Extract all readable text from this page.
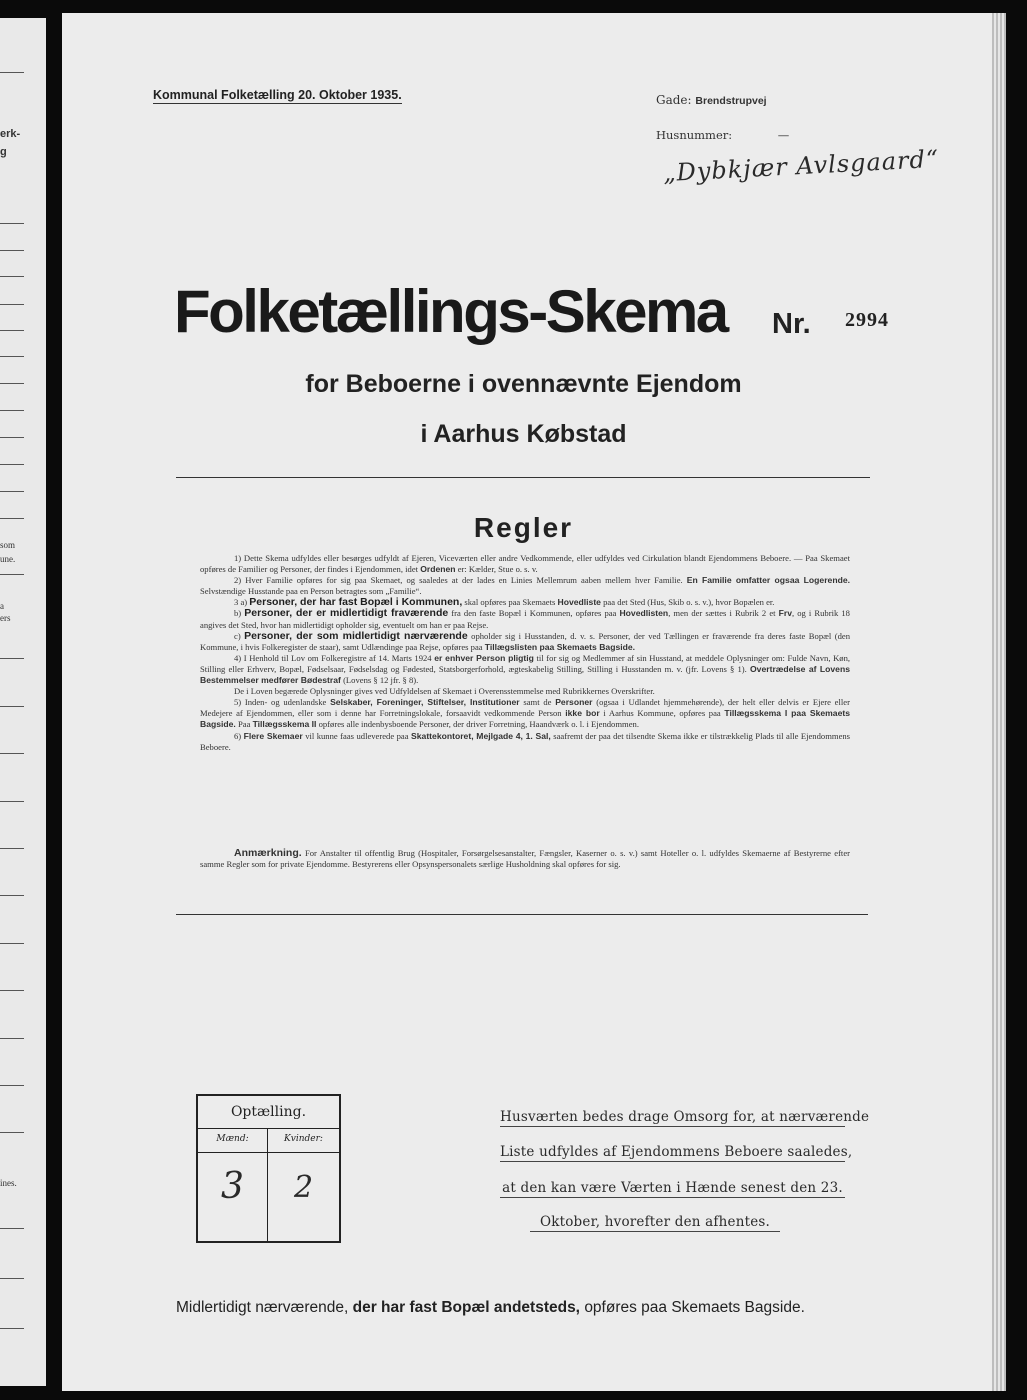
erk-
g
som
une.
a
ers
ines.
Kommunal Folketælling 20. Oktober 1935.	Gade: Brendstrupvej
Husnummer:	—
„Dybkjær Avlsgaard“
Folketællings-Skema Nr. 2994
for Beboerne i ovennævnte Ejendom
i Aarhus Købstad
Regler

1) Dette Skema udfyldes eller besørges udfyldt af Ejeren, Viceværten eller andre Vedkommende, eller udfyldes ved Cirkulation blandt Ejendommens Beboere. — Paa Skemaet opføres de Familier og Personer, der findes i Ejendommen, idet Ordenen er: Kælder, Stue o. s. v.

2) Hver Familie opføres for sig paa Skemaet, og saaledes at der lades en Linies Mellemrum aaben mellem hver Familie. En Familie omfatter ogsaa Logerende. Selvstændige Husstande paa en Person betragtes som „Familie“.

3 a) Personer, der har fast Bopæl i Kommunen, skal opføres paa Skemaets Hovedliste paa det Sted (Hus, Skib o. s. v.), hvor Bopælen er.

b) Personer, der er midlertidigt fraværende fra den faste Bopæl i Kommunen, opføres paa Hovedlisten, men der sættes i Rubrik 2 et Frv, og i Rubrik 18 angives det Sted, hvor han midlertidigt opholder sig, eventuelt om han er paa Rejse.

c) Personer, der som midlertidigt nærværende opholder sig i Husstanden, d. v. s. Personer, der ved Tællingen er fraværende fra deres faste Bopæl (den Kommune, i hvis Folkeregister de staar), samt Udlændinge paa Rejse, opføres paa Tillægslisten paa Skemaets Bagside.

4) I Henhold til Lov om Folkeregistre af 14. Marts 1924 er enhver Person pligtig til for sig og Medlemmer af sin Husstand, at meddele Oplysninger om: Fulde Navn, Køn, Stilling eller Erhverv, Bopæl, Fødselsaar, Fødselsdag og Fødested, Statsborgerforhold, ægteskabelig Stilling, Stilling i Husstanden m. v. (jfr. Lovens § 1). Overtrædelse af Lovens Bestemmelser medfører Bødestraf (Lovens § 12 jfr. § 8).

De i Loven begærede Oplysninger gives ved Udfyldelsen af Skemaet i Overensstemmelse med Rubrikkernes Overskrifter.

5) Inden- og udenlandske Selskaber, Foreninger, Stiftelser, Institutioner samt de Personer (ogsaa i Udlandet hjemmehørende), der helt eller delvis er Ejere eller Medejere af Ejendommen, eller som i denne har Forretningslokale, forsaavidt vedkommende Person ikke bor i Aarhus Kommune, opføres paa Tillægsskema I paa Skemaets Bagside. Paa Tillægsskema II opføres alle indenbysboende Personer, der driver Forretning, Haandværk o. l. i Ejendommen.

6) Flere Skemaer vil kunne faas udleverede paa Skattekontoret, Mejlgade 4, 1. Sal, saafremt der paa det tilsendte Skema ikke er tilstrækkelig Plads til alle Ejendommens Beboere.

Anmærkning. For Anstalter til offentlig Brug (Hospitaler, Forsørgelsesanstalter, Fængsler, Kaserner o. s. v.) samt Hoteller o. l. udfyldes Skemaerne af Bestyrerne efter samme Regler som for private Ejendomme. Bestyrerens eller Opsynspersonalets særlige Husholdning skal opføres for sig.
Optælling.
Mænd:	Kvinder:
3	2
Husværten bedes drage Omsorg for, at nærværende
Liste udfyldes af Ejendommens Beboere saaledes,
at den kan være Værten i Hænde senest den 23.
Oktober, hvorefter den afhentes.
Midlertidigt nærværende, der har fast Bopæl andetsteds, opføres paa Skemaets Bagside.
